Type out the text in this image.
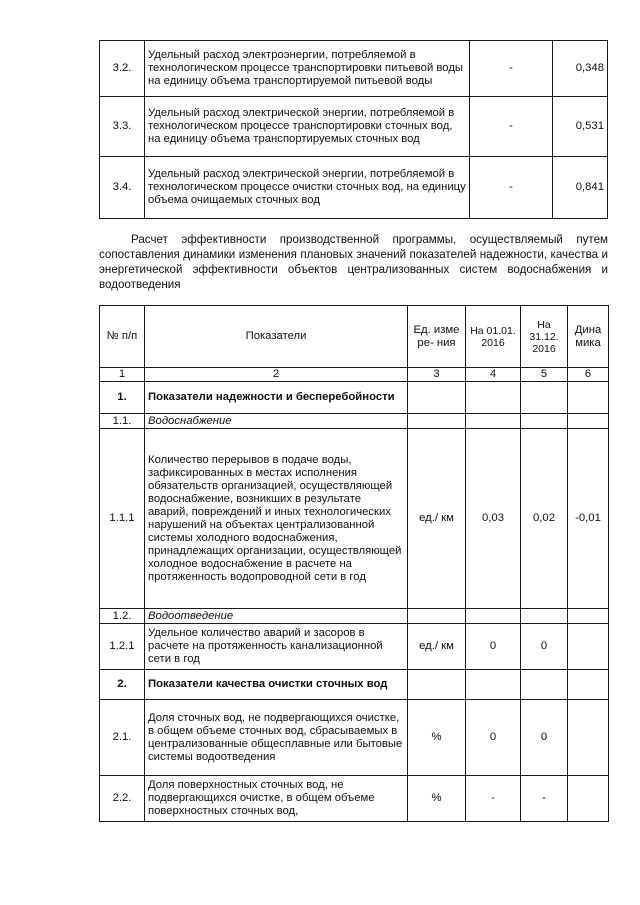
3.2.	Удельный расход электроэнергии, потребляемой в технологическом процессе транспортировки питьевой воды на единицу объема транспортируемой питьевой воды	-	0,348
3.3.	Удельный расход электрической энергии, потребляемой в технологическом процессе транспортировки сточных вод, на единицу объема транспортируемых сточных вод	-	0,531
3.4.	Удельный расход электрической энергии, потребляемой в технологическом процессе очистки сточных вод, на единицу объема очищаемых сточных вод	-	0,841
Расчет эффективности производственной программы, осуществляемый путем сопоставления динамики изменения плановых значений показателей надежности, качества и энергетической эффективности объектов централизованных систем водоснабжения и водоотведения
№ п/п	Показатели	Ед. изме ре- ния	На 01.01. 2016	На 31.12. 2016	Дина мика
1	2	3	4	5	6
1.	Показатели надежности и бесперебойности				
1.1.	Водоснабжение				
1.1.1	Количество перерывов в подаче воды, зафиксированных в местах исполнения обязательств организацией, осуществляющей водоснабжение, возникших в результате аварий, повреждений и иных технологических нарушений на объектах централизованной системы холодного водоснабжения, принадлежащих организации, осуществляющей холодное водоснабжение в расчете на протяженность водопроводной сети в год	ед./ км	0,03	0,02	-0,01
1.2.	Водоотведение				
1.2.1	Удельное количество аварий и засоров в расчете на протяженность канализационной сети в год	ед./ км	0	0	
2.	Показатели качества очистки сточных вод				
2.1.	Доля сточных вод, не подвергающихся очистке, в общем объеме сточных вод, сбрасываемых в централизованные общесплавные или бытовые системы водоотведения	%	0	0	
2.2.	Доля поверхностных сточных вод, не подвергающихся очистке, в общем объеме поверхностных сточных вод,	%	-	-	
